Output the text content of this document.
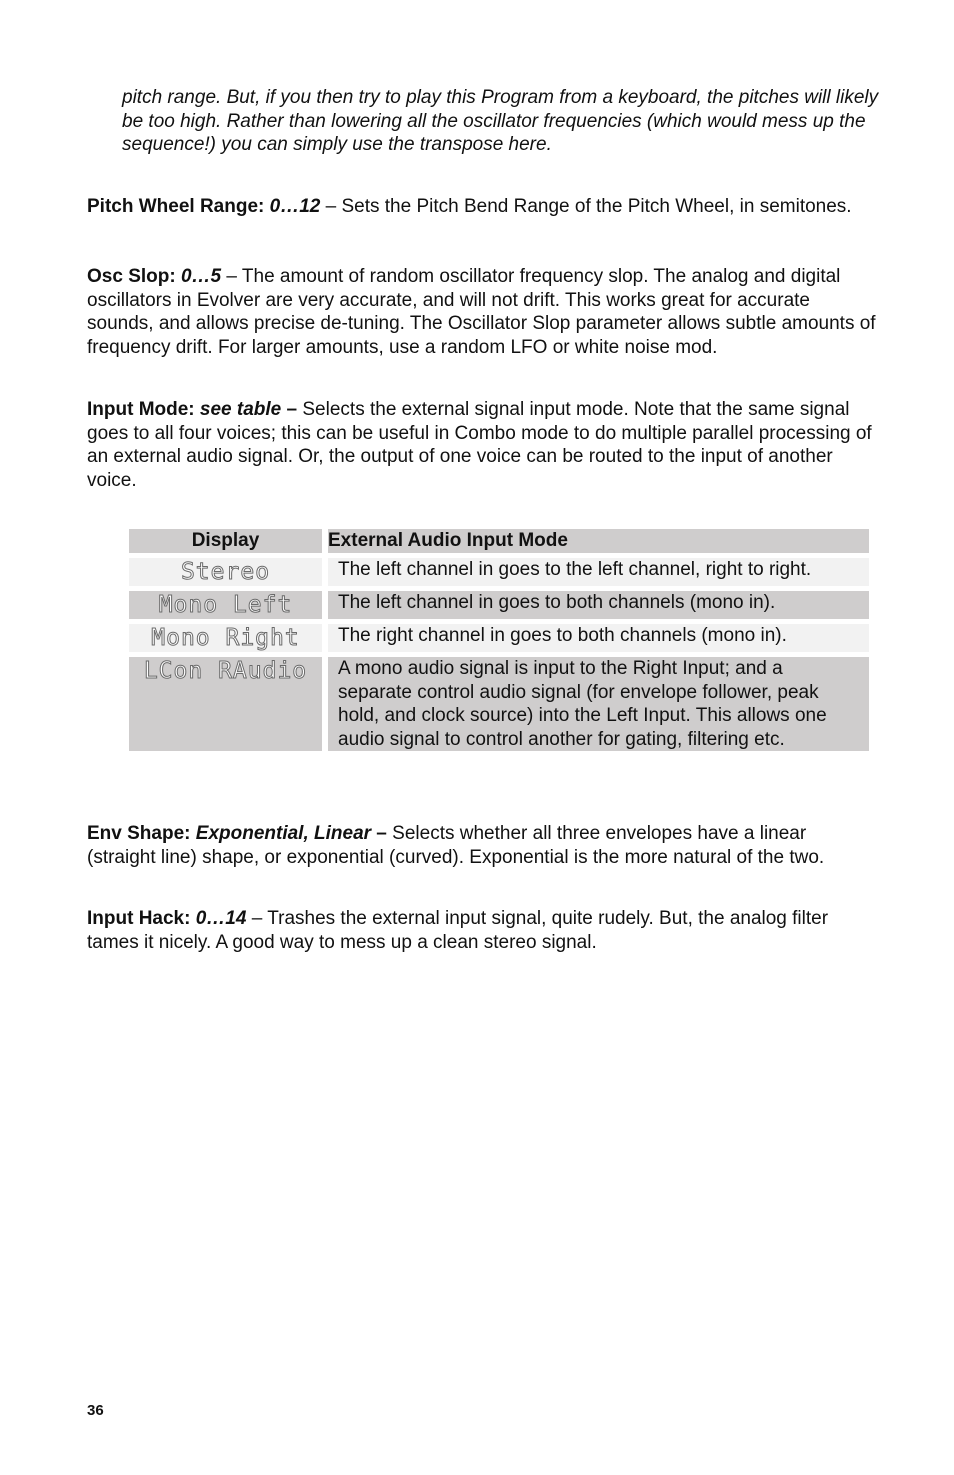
pitch range. But, if you then try to play this Program from a keyboard, the pitches will likely be too high. Rather than lowering all the oscillator frequencies (which would mess up the sequence!) you can simply use the transpose here.

Pitch Wheel Range: 0…12 – Sets the Pitch Bend Range of the Pitch Wheel, in semitones.

Osc Slop: 0…5 – The amount of random oscillator frequency slop. The analog and digital oscillators in Evolver are very accurate, and will not drift. This works great for accurate sounds, and allows precise de-tuning. The Oscillator Slop parameter allows subtle amounts of frequency drift. For larger amounts, use a random LFO or white noise mod.

Input Mode: see table – Selects the external signal input mode. Note that the same signal goes to all four voices; this can be useful in Combo mode to do multiple parallel processing of an external audio signal. Or, the output of one voice can be routed to the input of another voice.

Display		External Audio Input Mode
Stereo		The left channel in goes to the left channel, right to right.
Mono Left		The left channel in goes to both channels (mono in).
Mono Right		The right channel in goes to both channels (mono in).
LCon RAudio		A mono audio signal is input to the Right Input; and a separate control audio signal (for envelope follower, peak hold, and clock source) into the Left Input. This allows one audio signal to control another for gating, filtering etc.

Env Shape: Exponential, Linear – Selects whether all three envelopes have a linear (straight line) shape, or exponential (curved). Exponential is the more natural of the two.

Input Hack: 0…14 – Trashes the external input signal, quite rudely. But, the analog filter tames it nicely. A good way to mess up a clean stereo signal.

36
